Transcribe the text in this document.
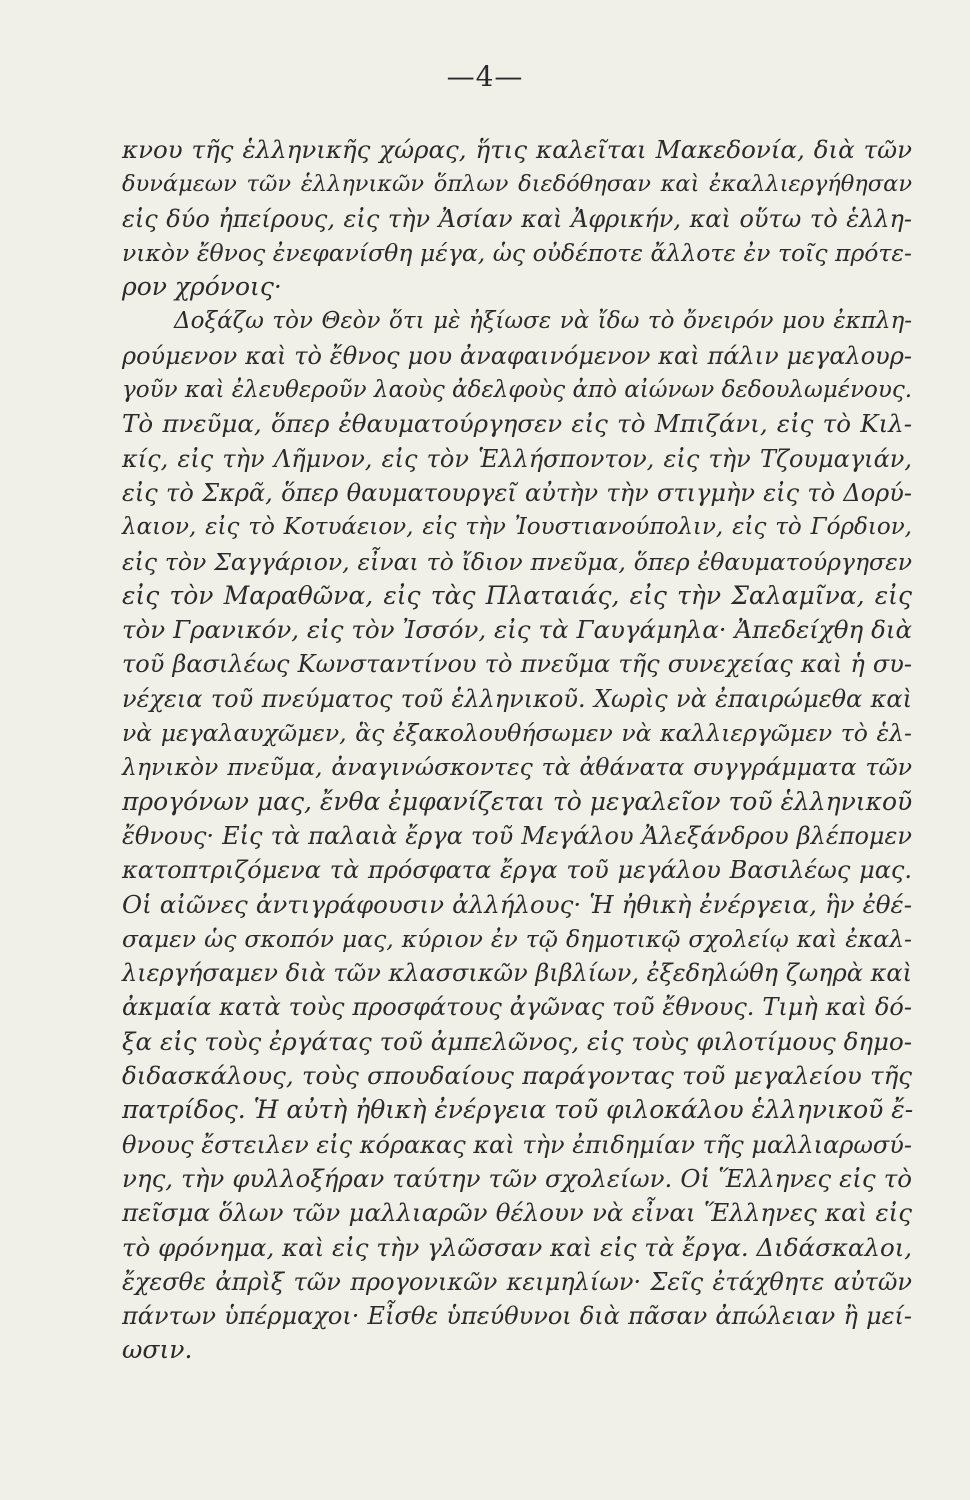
—4—
κνου τῆς ἑλληνικῆς χώρας, ἥτις καλεῖται Μακεδονία, διὰ τῶν
δυνάμεων τῶν ἑλληνικῶν ὅπλων διεδόθησαν καὶ ἐκαλλιεργήθησαν
εἰς δύο ἠπείρους, εἰς τὴν Ἀσίαν καὶ Ἀφρικήν, καὶ οὕτω τὸ ἑλλη-
νικὸν ἔθνος ἐνεφανίσθη μέγα, ὡς οὐδέποτε ἄλλοτε ἐν τοῖς πρότε-
ρον χρόνοις·
Δοξάζω τὸν Θεὸν ὅτι μὲ ἠξίωσε νὰ ἴδω τὸ ὄνειρόν μου ἐκπλη-
ρούμενον καὶ τὸ ἔθνος μου ἀναφαινόμενον καὶ πάλιν μεγαλουρ-
γοῦν καὶ ἐλευθεροῦν λαοὺς ἀδελφοὺς ἀπὸ αἰώνων δεδουλωμένους.
Τὸ πνεῦμα, ὅπερ ἐθαυματούργησεν εἰς τὸ Μπιζάνι, εἰς τὸ Κιλ-
κίς, εἰς τὴν Λῆμνον, εἰς τὸν Ἑλλήσποντον, εἰς τὴν Τζουμαγιάν,
εἰς τὸ Σκρᾶ, ὅπερ θαυματουργεῖ αὐτὴν τὴν στιγμὴν εἰς τὸ Δορύ-
λαιον, εἰς τὸ Κοτυάειον, εἰς τὴν Ἰουστιανούπολιν, εἰς τὸ Γόρδιον,
εἰς τὸν Σαγγάριον, εἶναι τὸ ἴδιον πνεῦμα, ὅπερ ἐθαυματούργησεν
εἰς τὸν Μαραθῶνα, εἰς τὰς Πλαταιάς, εἰς τὴν Σαλαμῖνα, εἰς
τὸν Γρανικόν, εἰς τὸν Ἰσσόν, εἰς τὰ Γαυγάμηλα· Ἀπεδείχθη διὰ
τοῦ βασιλέως Κωνσταντίνου τὸ πνεῦμα τῆς συνεχείας καὶ ἡ συ-
νέχεια τοῦ πνεύματος τοῦ ἑλληνικοῦ. Χωρὶς νὰ ἐπαιρώμεθα καὶ
νὰ μεγαλαυχῶμεν, ἃς ἐξακολουθήσωμεν νὰ καλλιεργῶμεν τὸ ἑλ-
ληνικὸν πνεῦμα, ἀναγινώσκοντες τὰ ἀθάνατα συγγράμματα τῶν
προγόνων μας, ἔνθα ἐμφανίζεται τὸ μεγαλεῖον τοῦ ἑλληνικοῦ
ἔθνους· Εἰς τὰ παλαιὰ ἔργα τοῦ Μεγάλου Ἀλεξάνδρου βλέπομεν
κατοπτριζόμενα τὰ πρόσφατα ἔργα τοῦ μεγάλου Βασιλέως μας.
Οἱ αἰῶνες ἀντιγράφουσιν ἀλλήλους· Ἡ ἠθικὴ ἐνέργεια, ἣν ἐθέ-
σαμεν ὡς σκοπόν μας, κύριον ἐν τῷ δημοτικῷ σχολείῳ καὶ ἐκαλ-
λιεργήσαμεν διὰ τῶν κλασσικῶν βιβλίων, ἐξεδηλώθη ζωηρὰ καὶ
ἀκμαία κατὰ τοὺς προσφάτους ἀγῶνας τοῦ ἔθνους. Τιμὴ καὶ δό-
ξα εἰς τοὺς ἐργάτας τοῦ ἀμπελῶνος, εἰς τοὺς φιλοτίμους δημο-
διδασκάλους, τοὺς σπουδαίους παράγοντας τοῦ μεγαλείου τῆς
πατρίδος. Ἡ αὐτὴ ἠθικὴ ἐνέργεια τοῦ φιλοκάλου ἑλληνικοῦ ἔ-
θνους ἔστειλεν εἰς κόρακας καὶ τὴν ἐπιδημίαν τῆς μαλλιαρωσύ-
νης, τὴν φυλλοξήραν ταύτην τῶν σχολείων. Οἱ Ἕλληνες εἰς τὸ
πεῖσμα ὅλων τῶν μαλλιαρῶν θέλουν νὰ εἶναι Ἕλληνες καὶ εἰς
τὸ φρόνημα, καὶ εἰς τὴν γλῶσσαν καὶ εἰς τὰ ἔργα. Διδάσκαλοι,
ἔχεσθε ἀπρὶξ τῶν προγονικῶν κειμηλίων· Σεῖς ἐτάχθητε αὐτῶν
πάντων ὑπέρμαχοι· Εἶσθε ὑπεύθυνοι διὰ πᾶσαν ἀπώλειαν ἢ μεί-
ωσιν.
